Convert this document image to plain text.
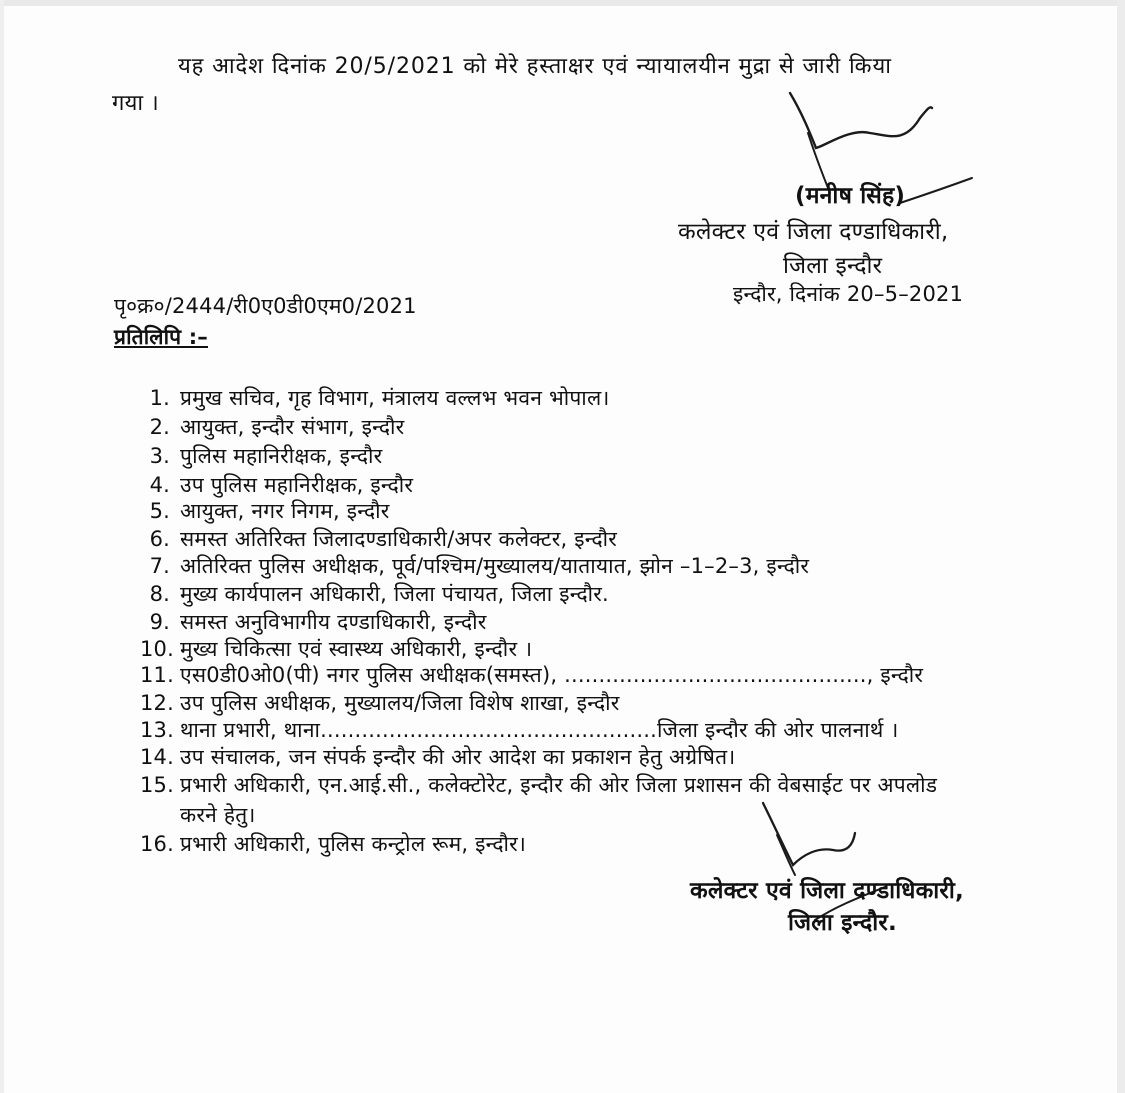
यह आदेश दिनांक 20/5/2021 को मेरे हस्ताक्षर एवं न्यायालयीन मुद्रा से जारी किया
गया ।
(मनीष सिंह)
कलेक्टर एवं जिला दण्डाधिकारी,
जिला इन्दौर
पृ०क्र०/2444/री0ए0डी0एम0/2021	इन्दौर, दिनांक 20–5–2021
प्रतिलिपि :–
1. प्रमुख सचिव, गृह विभाग, मंत्रालय वल्लभ भवन भोपाल।
2. आयुक्त, इन्दौर संभाग, इन्दौर
3. पुलिस महानिरीक्षक, इन्दौर
4. उप पुलिस महानिरीक्षक, इन्दौर
5. आयुक्त, नगर निगम, इन्दौर
6. समस्त अतिरिक्त जिलादण्डाधिकारी/अपर कलेक्टर, इन्दौर
7. अतिरिक्त पुलिस अधीक्षक, पूर्व/पश्चिम/मुख्यालय/यातायात, झोन –1–2–3, इन्दौर
8. मुख्य कार्यपालन अधिकारी, जिला पंचायत, जिला इन्दौर.
9. समस्त अनुविभागीय दण्डाधिकारी, इन्दौर
10. मुख्य चिकित्सा एवं स्वास्थ्य अधिकारी, इन्दौर ।
11. एस0डी0ओ0(पी) नगर पुलिस अधीक्षक(समस्त), ............................................, इन्दौर
12. उप पुलिस अधीक्षक, मुख्यालय/जिला विशेष शाखा, इन्दौर
13. थाना प्रभारी, थाना.................................................जिला इन्दौर की ओर पालनार्थ ।
14. उप संचालक, जन संपर्क इन्दौर की ओर आदेश का प्रकाशन हेतु अग्रेषित।
15. प्रभारी अधिकारी, एन.आई.सी., कलेक्टोरेट, इन्दौर की ओर जिला प्रशासन की वेबसाईट पर अपलोड
करने हेतु।
16. प्रभारी अधिकारी, पुलिस कन्ट्रोल रूम, इन्दौर।
कलेक्टर एवं जिला दण्डाधिकारी,
जिला इन्दौर.
